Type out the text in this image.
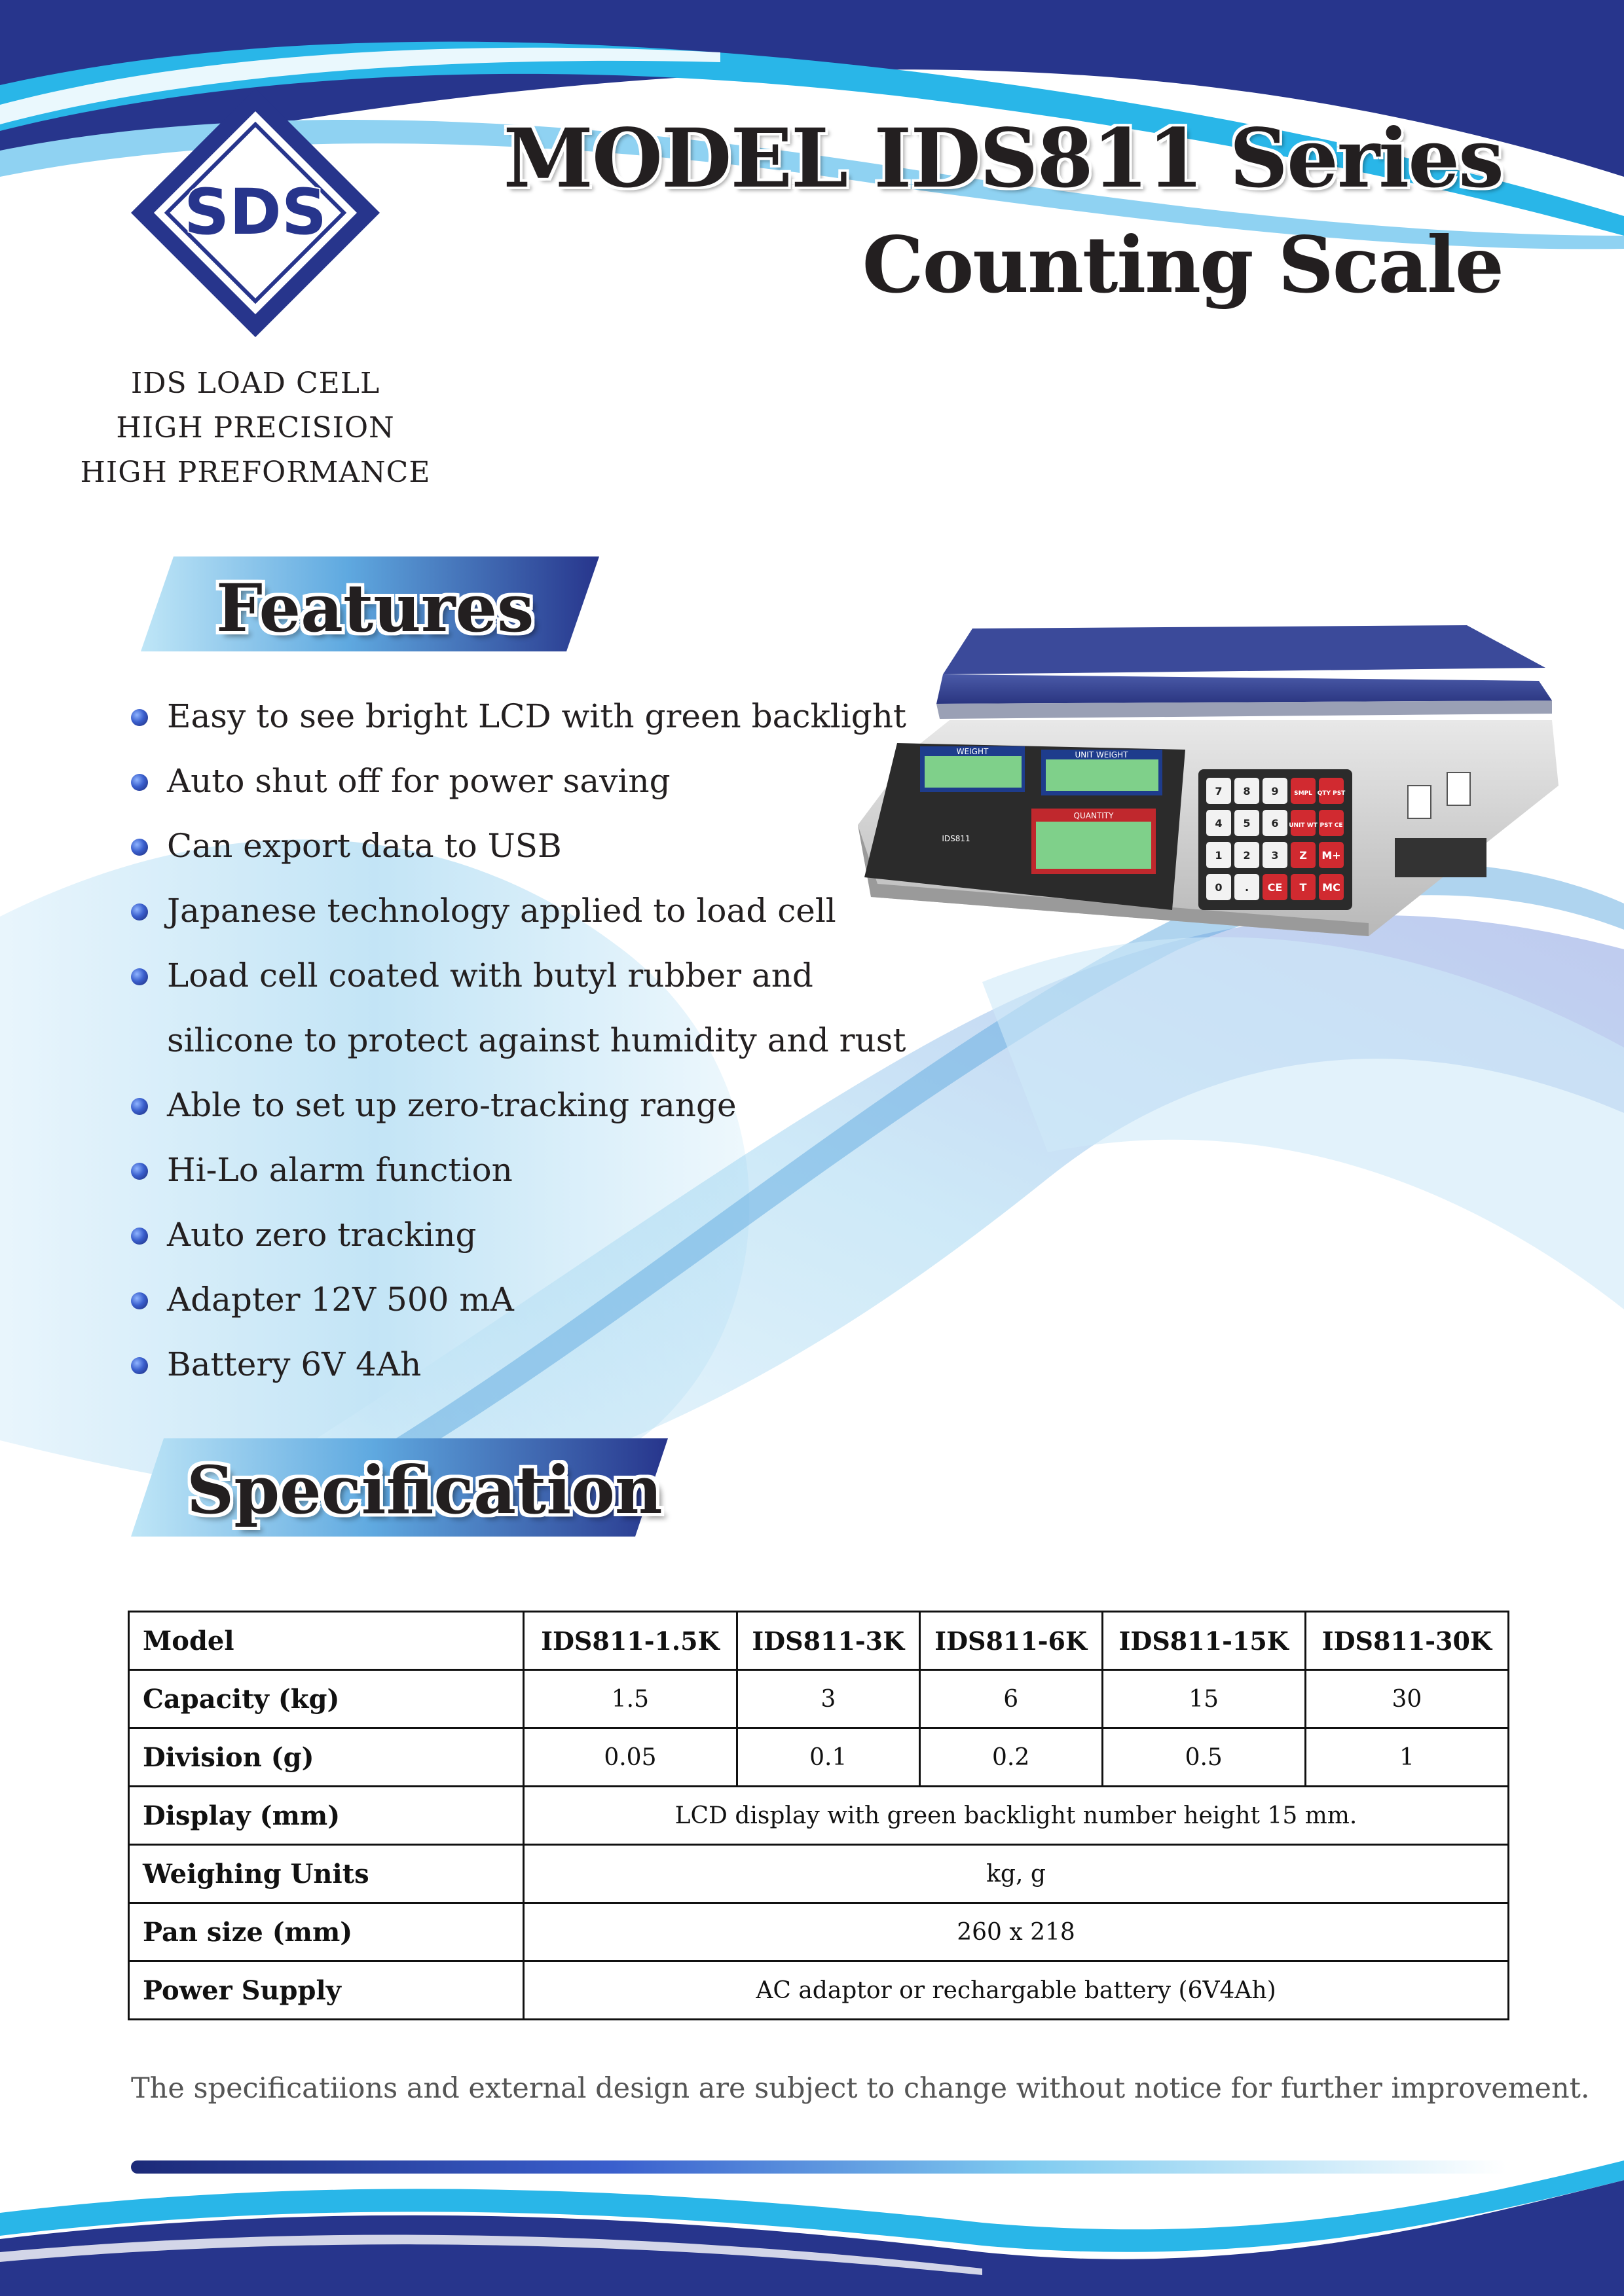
SDS
IDS LOAD CELL
HIGH PRECISION
HIGH PREFORMANCE
MODEL IDS811 Series
Counting Scale
Features
Easy to see bright LCD with green backlight
Auto shut off for power saving
Can export data to USB
Japanese technology applied to load cell
Load cell coated with butyl rubber and
silicone to protect against humidity and rust
Able to set up zero-tracking range
Hi-Lo alarm function
Auto zero tracking
Adapter 12V 500 mA
Battery 6V 4Ah
WEIGHT	UNIT WEIGHT
QUANTITY
IDS811
7 8 9	SMPL QTY PST
4 5 6 UNIT WT PST CE
1 2 3 Z M+
0 . CE T MC
Specification
Model	IDS811-1.5K	IDS811-3K	IDS811-6K	IDS811-15K	IDS811-30K
Capacity (kg)	1.5	3	6	15	30
Division (g)	0.05	0.1	0.2	0.5	1
Display (mm)	LCD display with green backlight number height 15 mm.				
Weighing Units	kg, g				
Pan size (mm)	260 x 218				
Power Supply	AC adaptor or rechargable battery (6V4Ah)				
The specificatiions and external design are subject to change without notice for further improvement.
